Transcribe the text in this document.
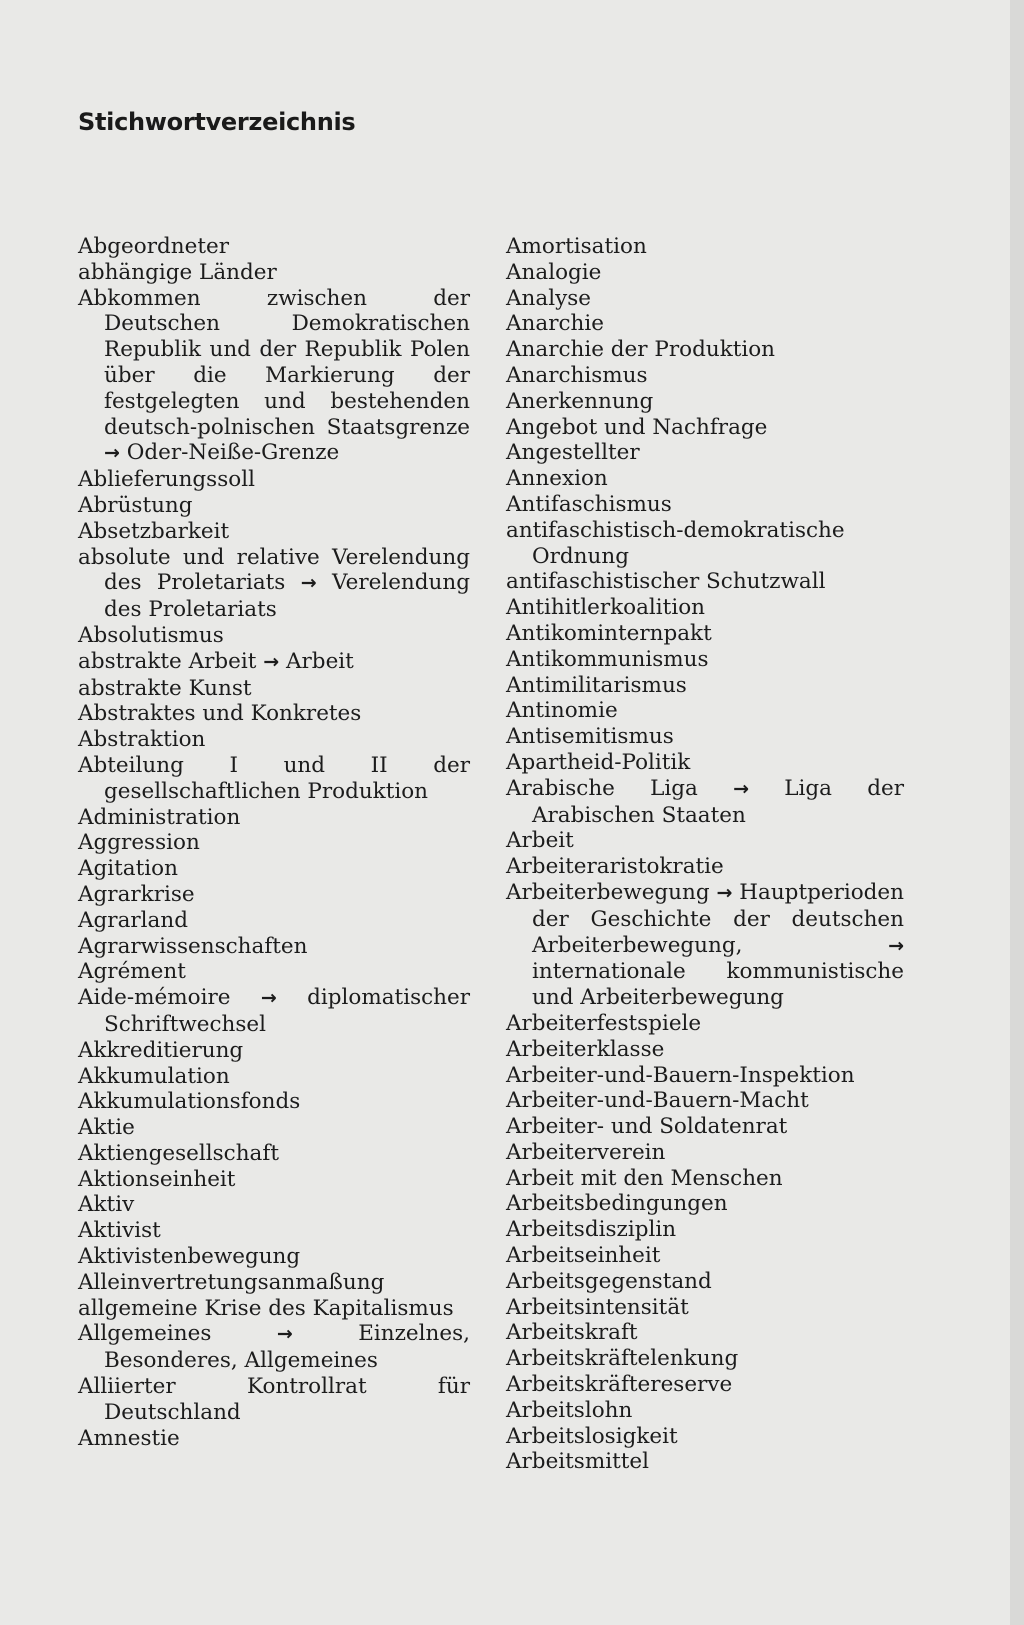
Stichwortverzeichnis

Abgeordneter

abhängige Länder

Abkommen zwischen der Deutschen Demokratischen Republik und der Republik Polen über die Markierung der festgelegten und bestehenden deutsch-polnischen Staatsgrenze → Oder-Neiße-Grenze

Ablieferungssoll

Abrüstung

Absetzbarkeit

absolute und relative Verelendung des Proletariats → Verelendung des Proletariats

Absolutismus

abstrakte Arbeit → Arbeit

abstrakte Kunst

Abstraktes und Konkretes

Abstraktion

Abteilung I und II der gesellschaftlichen Produktion

Administration

Aggression

Agitation

Agrarkrise

Agrarland

Agrarwissenschaften

Agrément

Aide-mémoire → diplomatischer Schriftwechsel

Akkreditierung

Akkumulation

Akkumulationsfonds

Aktie

Aktiengesellschaft

Aktionseinheit

Aktiv

Aktivist

Aktivistenbewegung

Alleinvertretungsanmaßung

allgemeine Krise des Kapitalismus

Allgemeines	→	Einzelnes, Besonderes, Allgemeines

Alliierter Kontrollrat für Deutschland

Amnestie

Amortisation

Analogie

Analyse

Anarchie

Anarchie der Produktion

Anarchismus

Anerkennung

Angebot und Nachfrage

Angestellter

Annexion

Antifaschismus

antifaschistisch-demokratische Ordnung

antifaschistischer Schutzwall

Antihitlerkoalition

Antikominternpakt

Antikommunismus

Antimilitarismus

Antinomie

Antisemitismus

Apartheid-Politik

Arabische Liga → Liga der Arabischen Staaten

Arbeit

Arbeiteraristokratie

Arbeiterbewegung → Hauptperioden der Geschichte der deutschen Arbeiterbewegung,	→ internationale kommunistische und Arbeiterbewegung

Arbeiterfestspiele

Arbeiterklasse

Arbeiter-und-Bauern-Inspektion

Arbeiter-und-Bauern-Macht

Arbeiter- und Soldatenrat

Arbeiterverein

Arbeit mit den Menschen

Arbeitsbedingungen

Arbeitsdisziplin

Arbeitseinheit

Arbeitsgegenstand

Arbeitsintensität

Arbeitskraft

Arbeitskräftelenkung

Arbeitskräftereserve

Arbeitslohn

Arbeitslosigkeit

Arbeitsmittel
